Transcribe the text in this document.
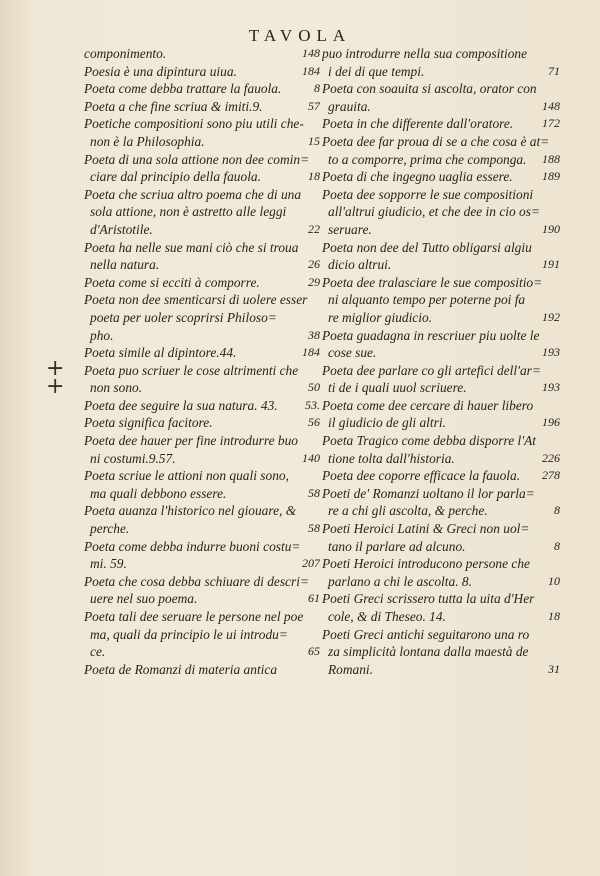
TAVOLA
+
+
148
componimento.
184
Poesia è una dipintura uiua.
8
Poeta come debba trattare la fauola.
57
Poeta a che fine scriua & imiti.9.
Poetiche compositioni sono piu utili che-
15
non è la Philosophia.
Poeta di una sola attione non dee comin=
18
ciare dal principio della fauola.
Poeta che scriua altro poema che di una
sola attione, non è astretto alle leggi
22
d'Aristotile.
Poeta ha nelle sue mani ciò che si troua
26
nella natura.
29
Poeta come si ecciti à comporre.
Poeta non dee smenticarsi di uolere esser
poeta per uoler scoprirsi Philoso=
38
pho.
184
Poeta simile al dipintore.44.
Poeta puo scriuer le cose altrimenti che
50
non sono.
53.
Poeta dee seguire la sua natura. 43.
56
Poeta significa facitore.
Poeta dee hauer per fine introdurre buo
140
ni costumi.9.57.
Poeta scriue le attioni non quali sono,
58
ma quali debbono essere.
Poeta auanza l'historico nel giouare, &
58
perche.
Poeta come debba indurre buoni costu=
207
mi. 59.
Poeta che cosa debba schiuare di descri=
61
uere nel suo poema.
Poeta tali dee seruare le persone nel poe
ma, quali da principio le ui introdu=
65
ce.
Poeta de Romanzi di materia antica
puo introdurre nella sua compositione
71
i dei di que tempi.
Poeta con soauita si ascolta, orator con
148
grauita.
172
Poeta in che differente dall'oratore.
Poeta dee far proua di se a che cosa è at=
188
to a comporre, prima che componga.
189
Poeta di che ingegno uaglia essere.
Poeta dee sopporre le sue compositioni
all'altrui giudicio, et che dee in cio os=
190
seruare.
Poeta non dee del Tutto obligarsi algiu
191
dicio altrui.
Poeta dee tralasciare le sue compositio=
ni alquanto tempo per poterne poi fa
192
re miglior giudicio.
Poeta guadagna in rescriuer piu uolte le
193
cose sue.
Poeta dee parlare co gli artefici dell'ar=
193
ti de i quali uuol scriuere.
Poeta come dee cercare di hauer libero
196
il giudicio de gli altri.
Poeta Tragico come debba disporre l'At
226
tione tolta dall'historia.
278
Poeta dee coporre efficace la fauola.
Poeti de' Romanzi uoltano il lor parla=
8
re a chi gli ascolta, & perche.
Poeti Heroici Latini & Greci non uol=
8
tano il parlare ad alcuno.
Poeti Heroici introducono persone che
10
parlano a chi le ascolta. 8.
Poeti Greci scrissero tutta la uita d'Her
18
cole, & di Theseo. 14.
Poeti Greci antichi seguitarono una ro
za simplicità lontana dalla maestà de
31
Romani.
